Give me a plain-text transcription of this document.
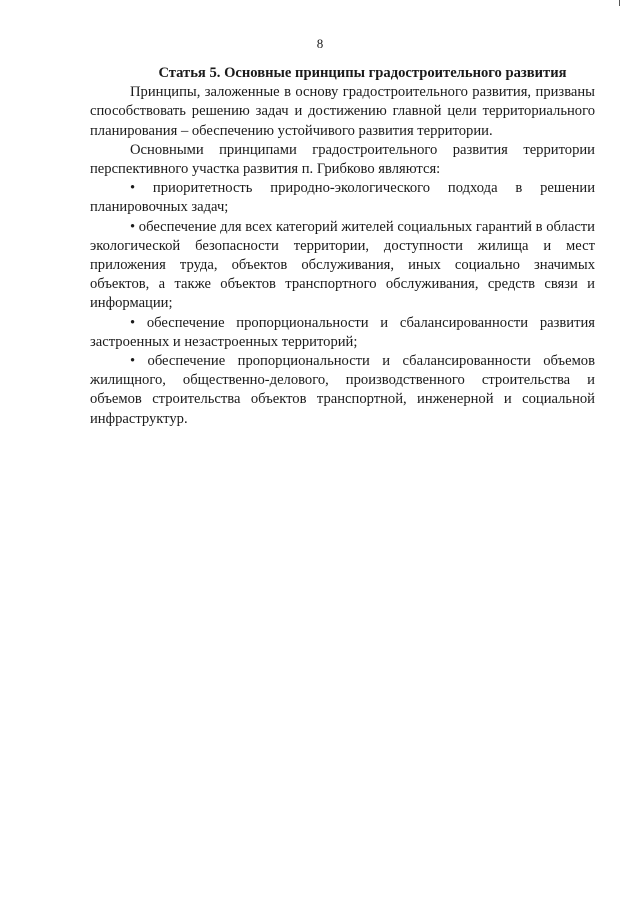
8
Статья 5. Основные принципы градостроительного развития

Принципы, заложенные в основу градостроительного развития, призваны способствовать решению задач и достижению главной цели территориального планирования – обеспечению устойчивого развития территории.

Основными принципами градостроительного развития территории перспективного участка развития п. Грибково являются:

• приоритетность природно-экологического подхода в решении планировочных задач;

• обеспечение для всех категорий жителей социальных гарантий в области экологической безопасности территории, доступности жилища и мест приложения труда, объектов обслуживания, иных социально значимых объектов, а также объектов транспортного обслуживания, средств связи и информации;

• обеспечение пропорциональности и сбалансированности развития застроенных и незастроенных территорий;

• обеспечение пропорциональности и сбалансированности объемов жилищного, общественно-делового, производственного строительства и объемов строительства объектов транспортной, инженерной и социальной инфраструктур.
